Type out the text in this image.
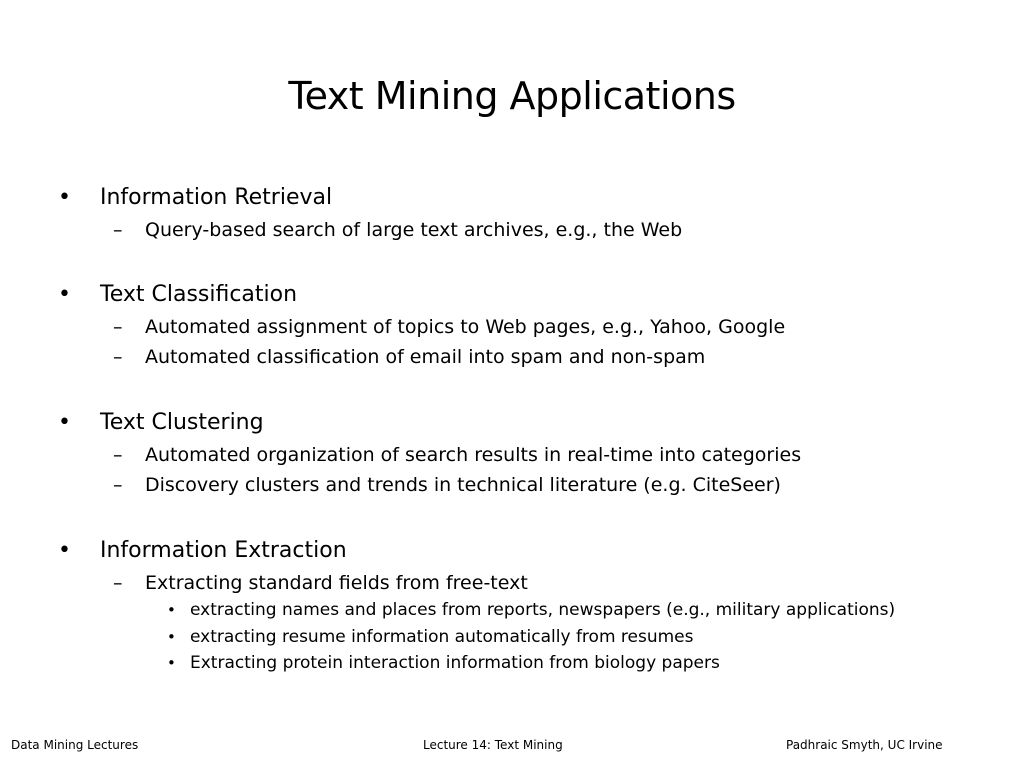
Text Mining Applications
• Information Retrieval
– Query-based search of large text archives, e.g., the Web
• Text Classification
– Automated assignment of topics to Web pages, e.g., Yahoo, Google
– Automated classification of email into spam and non-spam
• Text Clustering
– Automated organization of search results in real-time into categories
– Discovery clusters and trends in technical literature (e.g. CiteSeer)
• Information Extraction
– Extracting standard fields from free-text
• extracting names and places from reports, newspapers (e.g., military applications)
• extracting resume information automatically from resumes
• Extracting protein interaction information from biology papers
Data Mining Lectures	Lecture 14: Text Mining	Padhraic Smyth, UC Irvine
